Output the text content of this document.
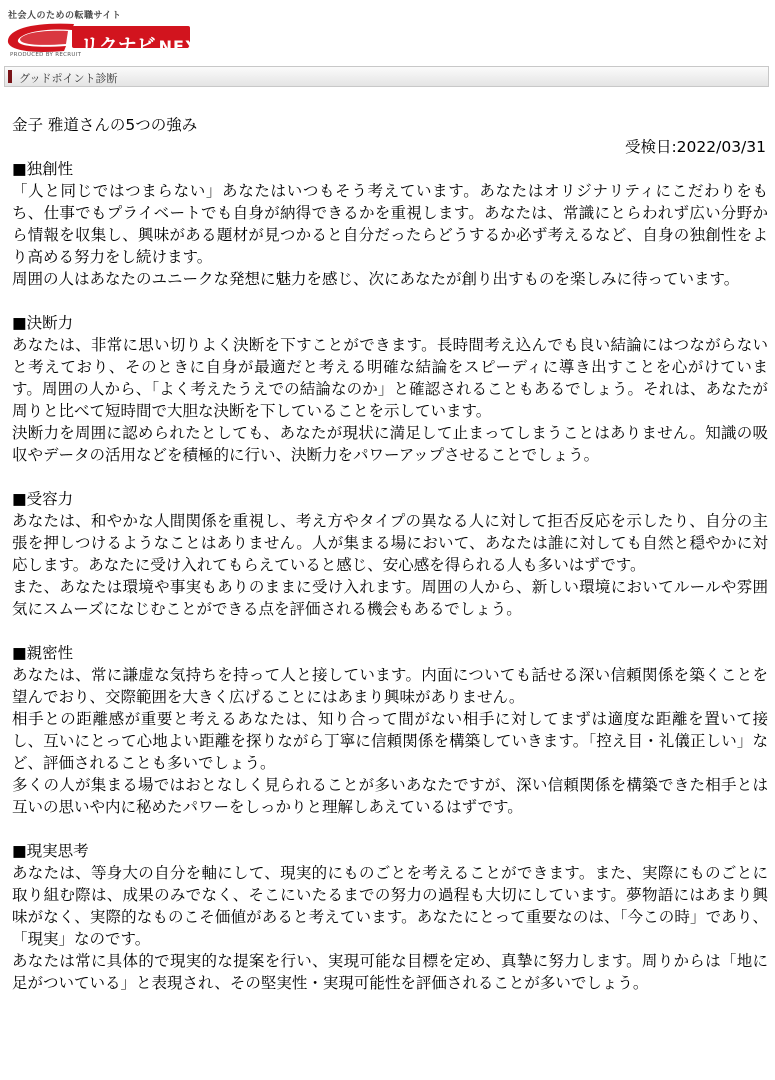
社会人のための転職サイト
リクナビ NEXT
PRODUCED BY RECRUIT
グッドポイント診断

金子 雅道さんの5つの強み

受検日:2022/03/31

■独創性

「人と同じではつまらない」あなたはいつもそう考えています。あなたはオリジナリティにこだわりをもち、仕事でもプライベートでも自身が納得できるかを重視します。あなたは、常識にとらわれず広い分野から情報を収集し、興味がある題材が見つかると自分だったらどうするか必ず考えるなど、自身の独創性をより高める努力をし続けます。

周囲の人はあなたのユニークな発想に魅力を感じ、次にあなたが創り出すものを楽しみに待っています。

■決断力

あなたは、非常に思い切りよく決断を下すことができます。長時間考え込んでも良い結論にはつながらないと考えており、そのときに自身が最適だと考える明確な結論をスピーディに導き出すことを心がけています。周囲の人から、「よく考えたうえでの結論なのか」と確認されることもあるでしょう。それは、あなたが周りと比べて短時間で大胆な決断を下していることを示しています。

決断力を周囲に認められたとしても、あなたが現状に満足して止まってしまうことはありません。知識の吸収やデータの活用などを積極的に行い、決断力をパワーアップさせることでしょう。

■受容力

あなたは、和やかな人間関係を重視し、考え方やタイプの異なる人に対して拒否反応を示したり、自分の主張を押しつけるようなことはありません。人が集まる場において、あなたは誰に対しても自然と穏やかに対応します。あなたに受け入れてもらえていると感じ、安心感を得られる人も多いはずです。

また、あなたは環境や事実もありのままに受け入れます。周囲の人から、新しい環境においてルールや雰囲気にスムーズになじむことができる点を評価される機会もあるでしょう。

■親密性

あなたは、常に謙虚な気持ちを持って人と接しています。内面についても話せる深い信頼関係を築くことを望んでおり、交際範囲を大きく広げることにはあまり興味がありません。

相手との距離感が重要と考えるあなたは、知り合って間がない相手に対してまずは適度な距離を置いて接し、互いにとって心地よい距離を探りながら丁寧に信頼関係を構築していきます。「控え目・礼儀正しい」など、評価されることも多いでしょう。

多くの人が集まる場ではおとなしく見られることが多いあなたですが、深い信頼関係を構築できた相手とは互いの思いや内に秘めたパワーをしっかりと理解しあえているはずです。

■現実思考

あなたは、等身大の自分を軸にして、現実的にものごとを考えることができます。また、実際にものごとに取り組む際は、成果のみでなく、そこにいたるまでの努力の過程も大切にしています。夢物語にはあまり興味がなく、実際的なものこそ価値があると考えています。あなたにとって重要なのは、「今この時」であり、「現実」なのです。

あなたは常に具体的で現実的な提案を行い、実現可能な目標を定め、真摯に努力します。周りからは「地に足がついている」と表現され、その堅実性・実現可能性を評価されることが多いでしょう。
